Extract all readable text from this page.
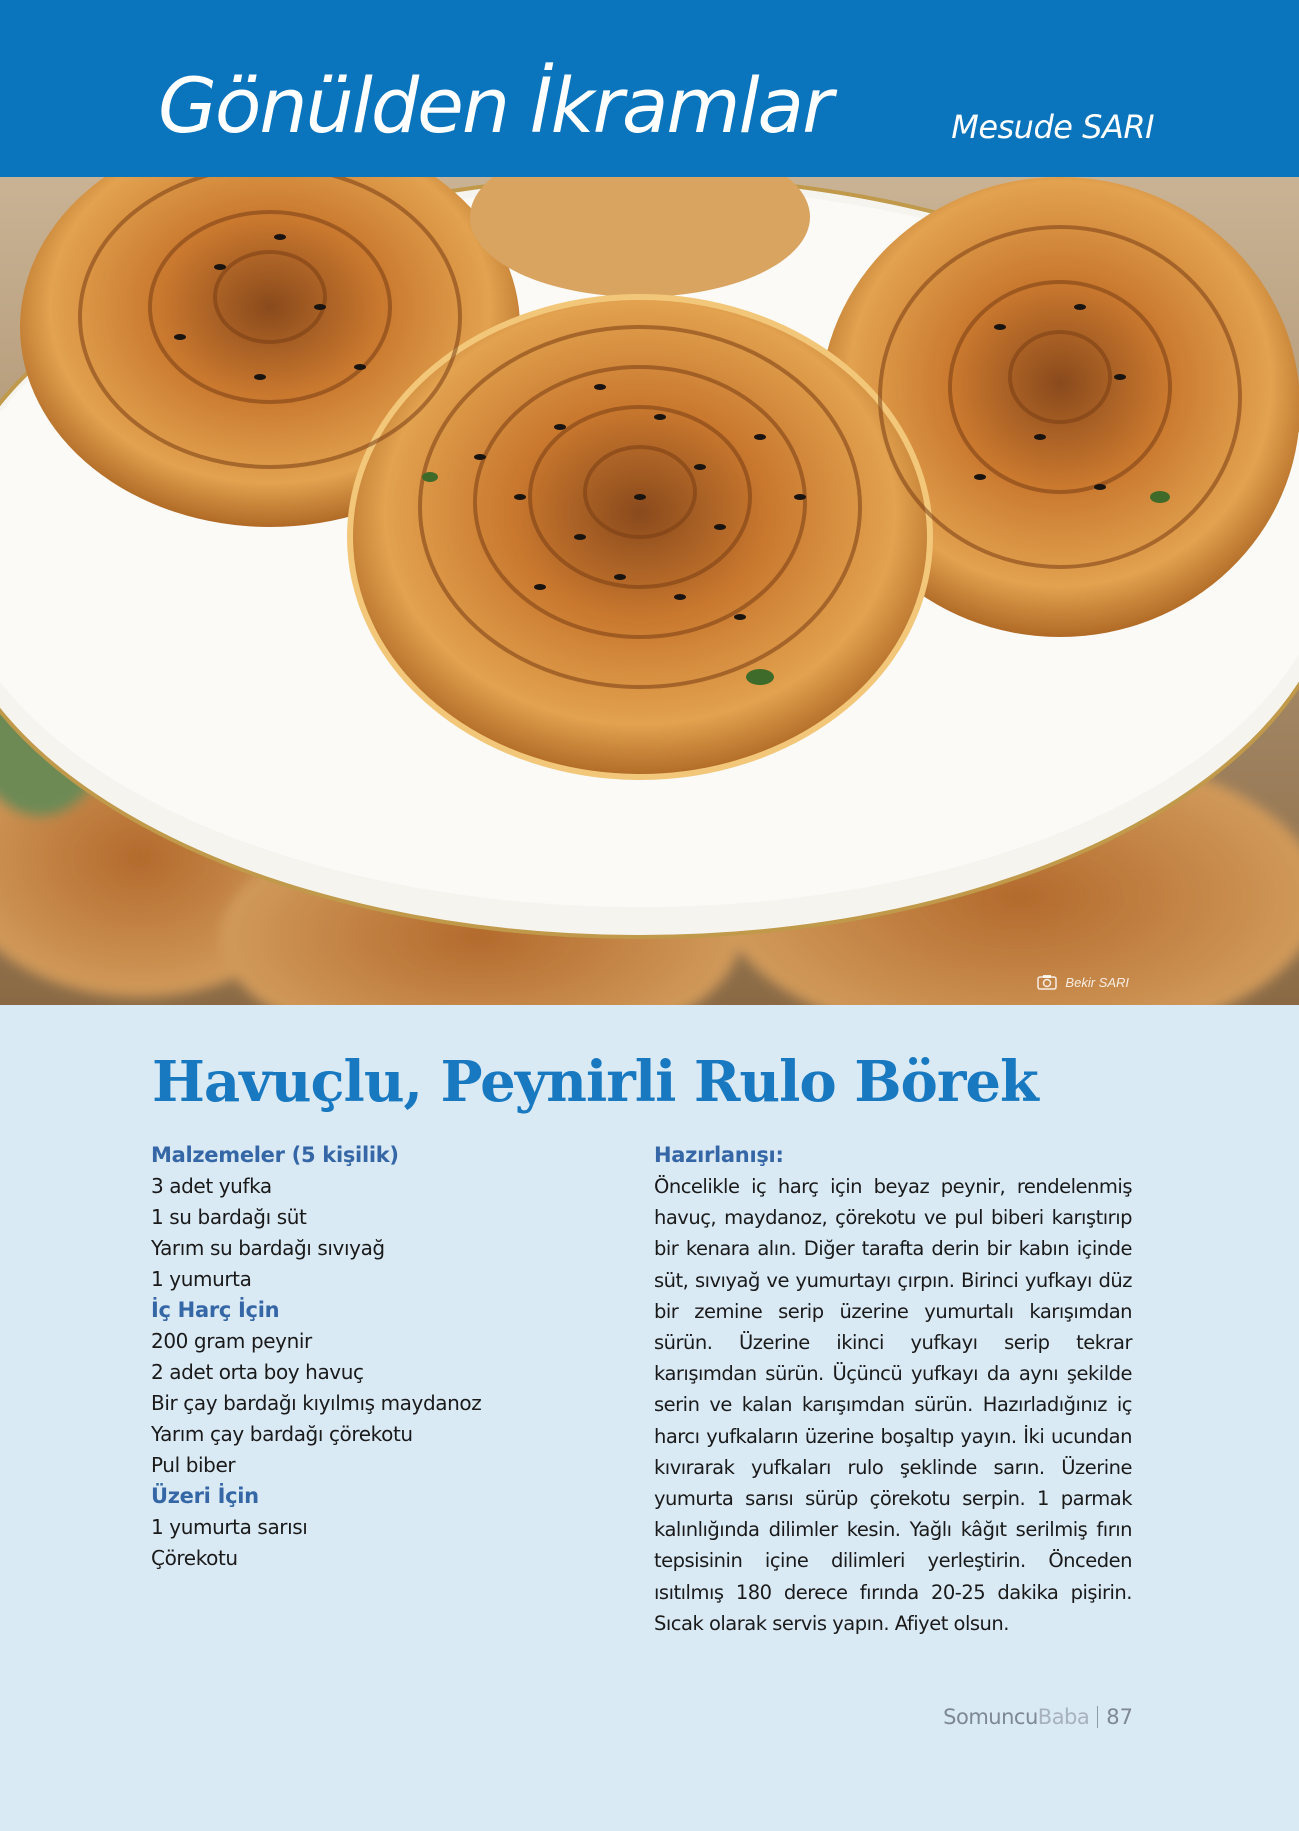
Gönülden İkramlar	Mesude SARI
Bekir SARI
Havuçlu, Peynirli Rulo Börek
Malzemeler (5 kişilik)
3 adet yufka
1 su bardağı süt
Yarım su bardağı sıvıyağ
1 yumurta
İç Harç İçin
200 gram peynir
2 adet orta boy havuç
Bir çay bardağı kıyılmış maydanoz
Yarım çay bardağı çörekotu
Pul biber
Üzeri İçin
1 yumurta sarısı
Çörekotu
Hazırlanışı:

Öncelikle iç harç için beyaz peynir, rendelenmiş havuç, maydanoz, çörekotu ve pul biberi karıştırıp bir kenara alın. Diğer tarafta derin bir kabın içinde süt, sıvıyağ ve yumurtayı çırpın. Birinci yufkayı düz bir zemine serip üzerine yumurtalı karışımdan sürün. Üzerine ikinci yufkayı serip tekrar karışımdan sürün. Üçüncü yufkayı da aynı şekilde serin ve kalan karışımdan sürün. Hazırladığınız iç harcı yufkaların üzerine boşaltıp yayın. İki ucundan kıvırarak yufkaları rulo şeklinde sarın. Üzerine yumurta sarısı sürüp çörekotu serpin. 1 parmak kalınlığında dilimler kesin. Yağlı kâğıt serilmiş fırın tepsisinin içine dilimleri yerleştirin. Önceden ısıtılmış 180 derece fırında 20-25 dakika pişirin. Sıcak olarak servis yapın. Afiyet olsun.

SomuncuBaba 87
